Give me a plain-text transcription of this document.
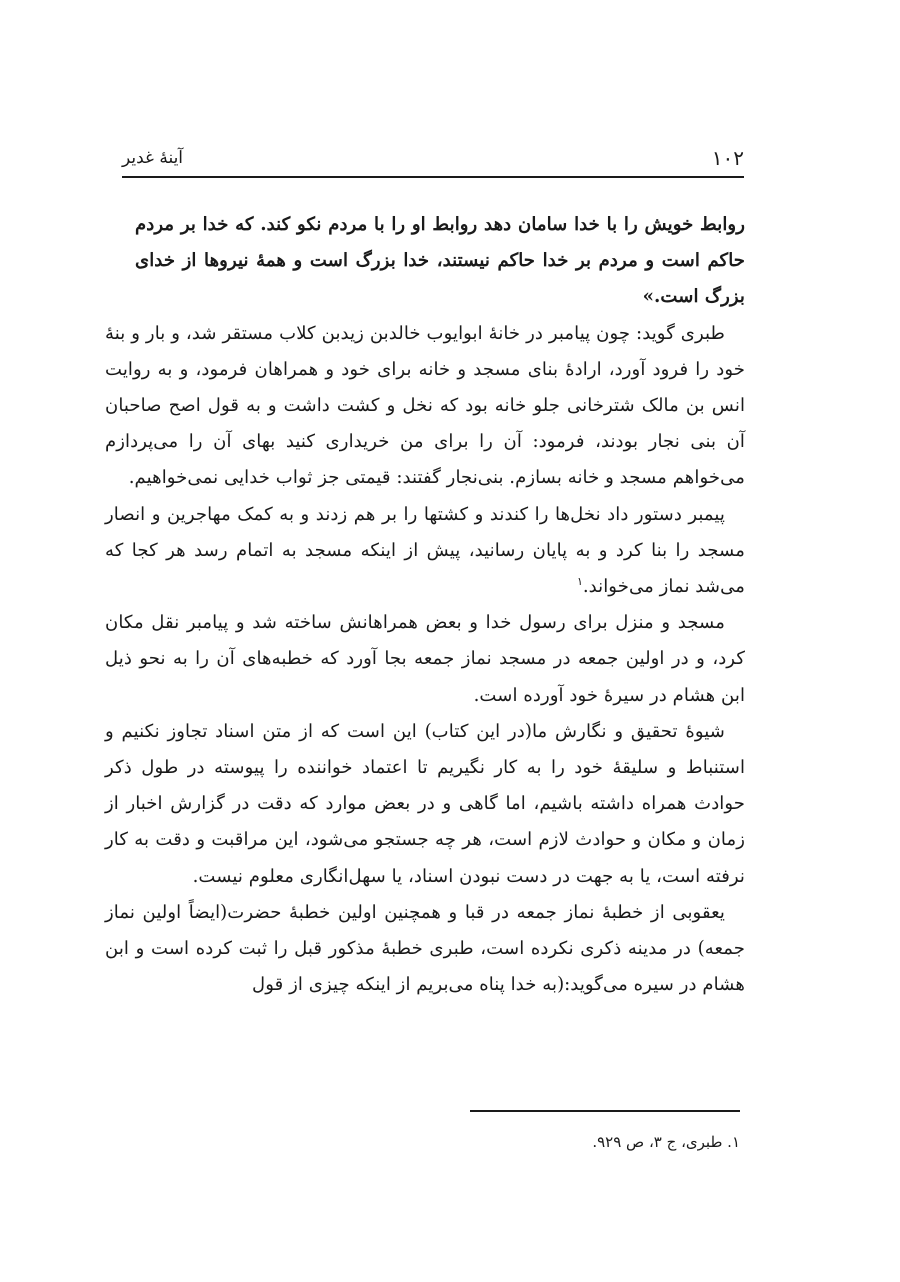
آینهٔ غدیر	۱۰۲

روابط خویش را با خدا سامان دهد روابط او را با مردم نکو کند. که خدا بر مردم حاکم است و مردم بر خدا حاکم نیستند، خدا بزرگ است و همهٔ نیروها از خدای بزرگ است.»

طبری گوید: چون پیامبر در خانهٔ ابوایوب خالدبن زیدبن کلاب مستقر شد، و بار و بنهٔ خود را فرود آورد، ارادهٔ بنای مسجد و خانه برای خود و همراهان فرمود، و به روایت انس بن مالک شترخانی جلو خانه بود که نخل و کشت داشت و به قول اصح صاحبان آن بنی نجار بودند، فرمود: آن را برای من خریداری کنید بهای آن را می‌پردازم می‌خواهم مسجد و خانه بسازم. بنی‌نجار گفتند: قیمتی جز ثواب خدایی نمی‌خواهیم.

پیمبر دستور داد نخل‌ها را کندند و کشتها را بر هم زدند و به کمک مهاجرین و انصار مسجد را بنا کرد و به پایان رسانید، پیش از اینکه مسجد به اتمام رسد هر کجا که می‌شد نماز می‌خواند.$^۱$

مسجد و منزل برای رسول خدا و بعض همراهانش ساخته شد و پیامبر نقل مکان کرد، و در اولین جمعه در مسجد نماز جمعه بجا آورد که خطبه‌های آن را به نحو ذیل ابن هشام در سیرهٔ خود آورده است.

شیوهٔ تحقیق و نگارش ما(در این کتاب) این است که از متن اسناد تجاوز نکنیم و استنباط و سلیقهٔ خود را به کار نگیریم تا اعتماد خواننده را پیوسته در طول ذکر حوادث همراه داشته باشیم، اما گاهی و در بعض موارد که دقت در گزارش اخبار از زمان و مکان و حوادث لازم است، هر چه جستجو می‌شود، این مراقبت و دقت به کار نرفته است، یا به جهت در دست نبودن اسناد، یا سهل‌انگاری معلوم نیست.

یعقوبی از خطبهٔ نماز جمعه در قبا و همچنین اولین خطبهٔ حضرت(ایضاً اولین نماز جمعه) در مدینه ذکری نکرده است، طبری خطبهٔ مذکور قبل را ثبت کرده است و ابن هشام در سیره می‌گوید:(به خدا پناه می‌بریم از اینکه چیزی از قول

۱. طبری، ج ۳، ص ۹۲۹.
